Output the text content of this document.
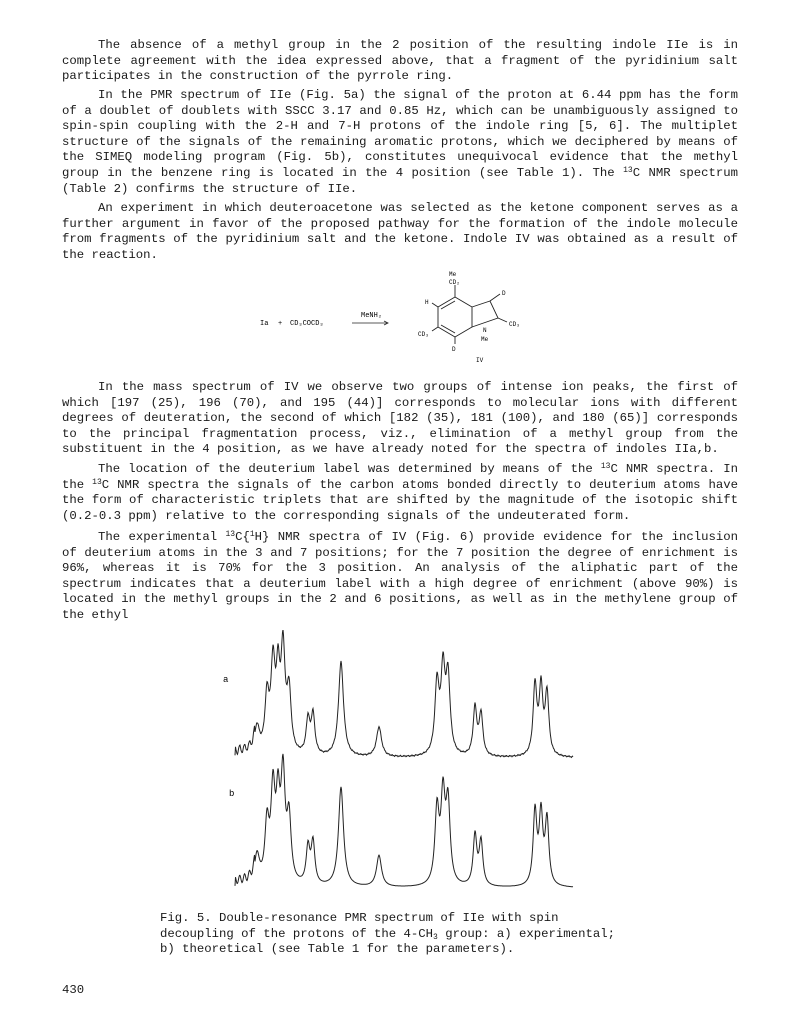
The absence of a methyl group in the 2 position of the resulting indole IIe is in complete agreement with the idea expressed above, that a fragment of the pyridinium salt participates in the construction of the pyrrole ring.

In the PMR spectrum of IIe (Fig. 5a) the signal of the proton at 6.44 ppm has the form of a doublet of doublets with SSCC 3.17 and 0.85 Hz, which can be unambiguously assigned to spin-spin coupling with the 2-H and 7-H protons of the indole ring [5, 6]. The multiplet structure of the signals of the remaining aromatic protons, which we deciphered by means of the SIMEQ modeling program (Fig. 5b), constitutes unequivocal evidence that the methyl group in the benzene ring is located in the 4 position (see Table 1). The $^{13}$C NMR spectrum (Table 2) confirms the structure of IIe.

An experiment in which deuteroacetone was selected as the ketone component serves as a further argument in favor of the proposed pathway for the formation of the indole molecule from fragments of the pyridinium salt and the ketone. Indole IV was obtained as a result of the reaction.

Ia + CD₃COCD₃
MeNH₂
Me
CD₂
H
D
CD₃
N
CD₃
D
Me
IV

In the mass spectrum of IV we observe two groups of intense ion peaks, the first of which [197 (25), 196 (70), and 195 (44)] corresponds to molecular ions with different degrees of deuteration, the second of which [182 (35), 181 (100), and 180 (65)] corresponds to the principal fragmentation process, viz., elimination of a methyl group from the substituent in the 4 position, as we have already noted for the spectra of indoles IIa,b.

The location of the deuterium label was determined by means of the $^{13}$C NMR spectra. In the $^{13}$C NMR spectra the signals of the carbon atoms bonded directly to deuterium atoms have the form of characteristic triplets that are shifted by the magnitude of the isotopic shift (0.2-0.3 ppm) relative to the corresponding signals of the undeuterated form.

The experimental $^{13}$C{$^1$H} NMR spectra of IV (Fig. 6) provide evidence for the inclusion of deuterium atoms in the 3 and 7 positions; for the 7 position the degree of enrichment is 96%, whereas it is 70% for the 3 position. An analysis of the aliphatic part of the spectrum indicates that a deuterium label with a high degree of enrichment (above 90%) is located in the methyl groups in the 2 and 6 positions, as well as in the methylene group of the ethyl

a
b

Fig. 5. Double-resonance PMR spectrum of IIe with spin decoupling of the protons of the $4-CH_3$ group: a) experimental; b) theoretical (see Table 1 for the parameters).

430
